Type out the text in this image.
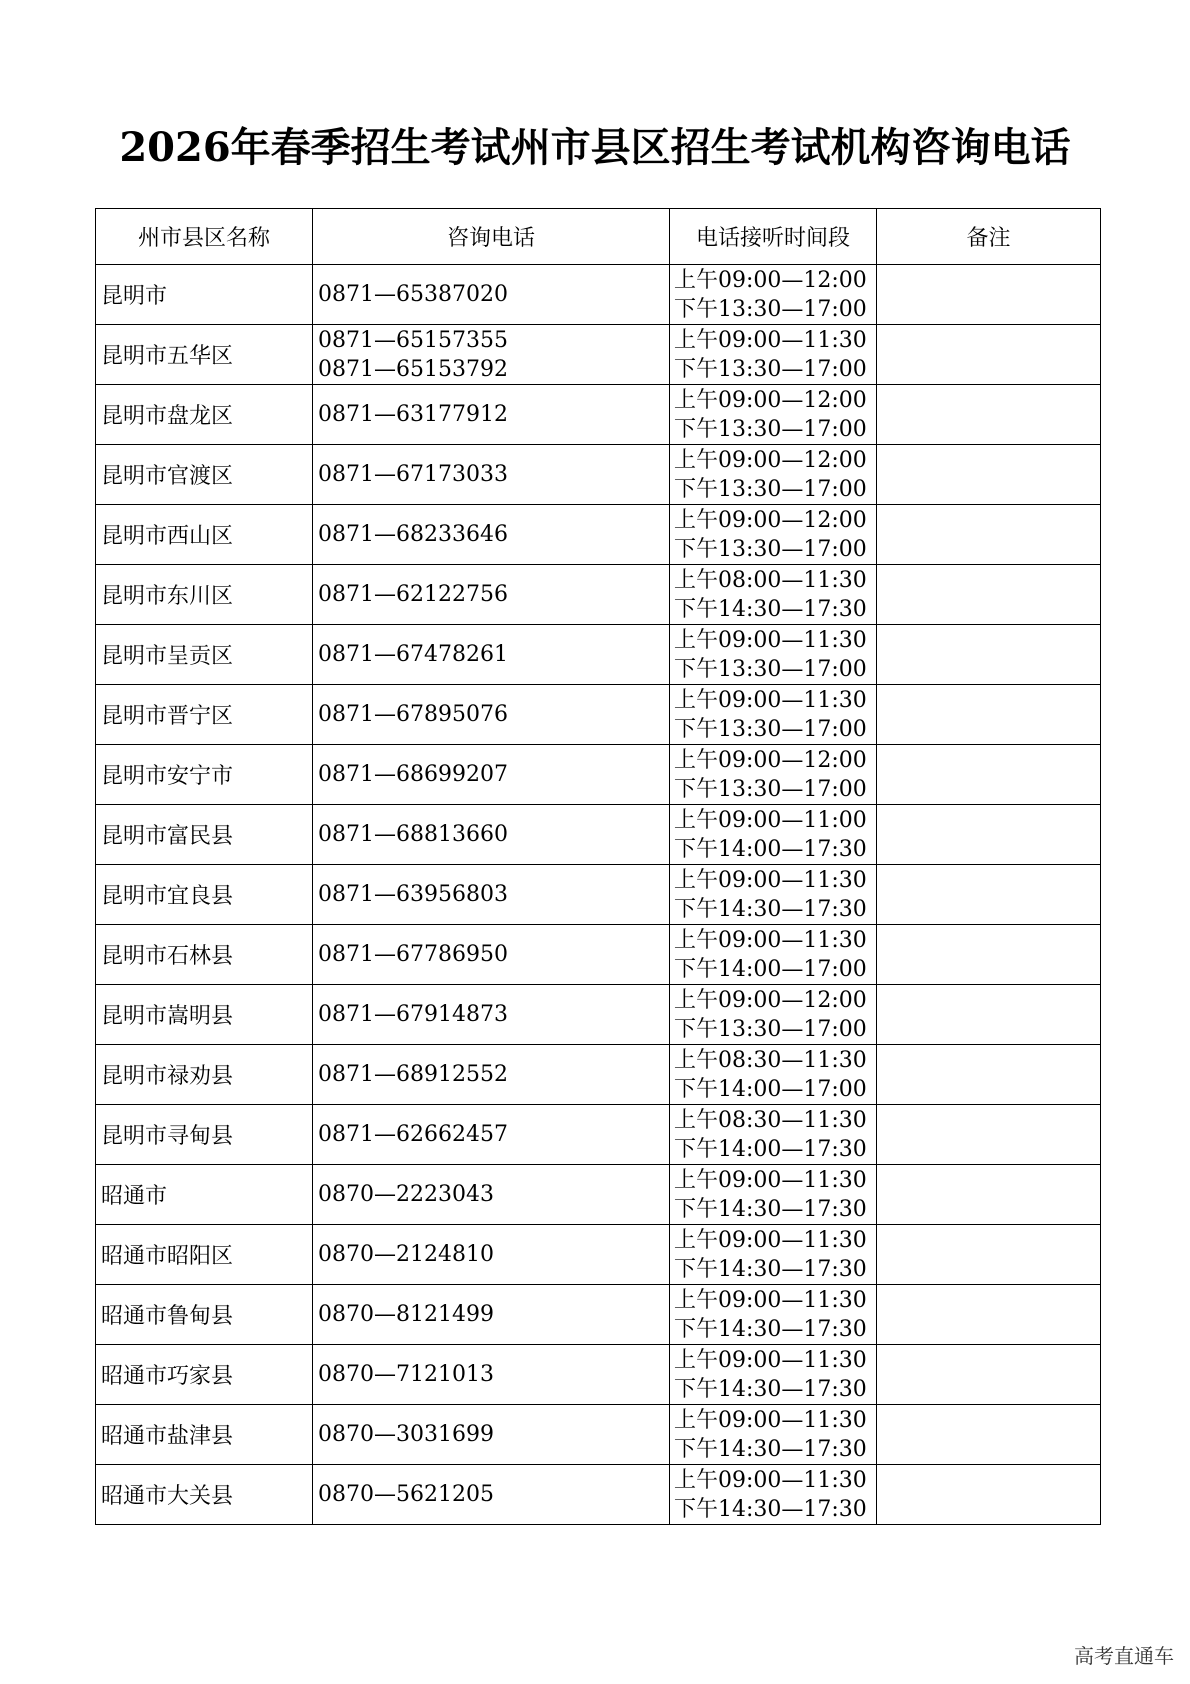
2026年春季招生考试州市县区招生考试机构咨询电话
州市县区名称	咨询电话	电话接听时间段	备注
昆明市	0871—65387020	上午09:00—12:00
下午13:30—17:00	

昆明市五华区	0871—65157355
0871—65153792	上午09:00—11:30
下午13:30—17:00	

昆明市盘龙区	0871—63177912	上午09:00—12:00
下午13:30—17:00	

昆明市官渡区	0871—67173033	上午09:00—12:00
下午13:30—17:00	

昆明市西山区	0871—68233646	上午09:00—12:00
下午13:30—17:00	

昆明市东川区	0871—62122756	上午08:00—11:30
下午14:30—17:30	

昆明市呈贡区	0871—67478261	上午09:00—11:30
下午13:30—17:00	

昆明市晋宁区	0871—67895076	上午09:00—11:30
下午13:30—17:00	

昆明市安宁市	0871—68699207	上午09:00—12:00
下午13:30—17:00	

昆明市富民县	0871—68813660	上午09:00—11:00
下午14:00—17:30	

昆明市宜良县	0871—63956803	上午09:00—11:30
下午14:30—17:30	

昆明市石林县	0871—67786950	上午09:00—11:30
下午14:00—17:00	

昆明市嵩明县	0871—67914873	上午09:00—12:00
下午13:30—17:00	

昆明市禄劝县	0871—68912552	上午08:30—11:30
下午14:00—17:00	

昆明市寻甸县	0871—62662457	上午08:30—11:30
下午14:00—17:30	

昭通市	0870—2223043	上午09:00—11:30
下午14:30—17:30	

昭通市昭阳区	0870—2124810	上午09:00—11:30
下午14:30—17:30	

昭通市鲁甸县	0870—8121499	上午09:00—11:30
下午14:30—17:30	

昭通市巧家县	0870—7121013	上午09:00—11:30
下午14:30—17:30	

昭通市盐津县	0870—3031699	上午09:00—11:30
下午14:30—17:30	

昭通市大关县	0870—5621205	上午09:00—11:30
下午14:30—17:30	

高考直通车
